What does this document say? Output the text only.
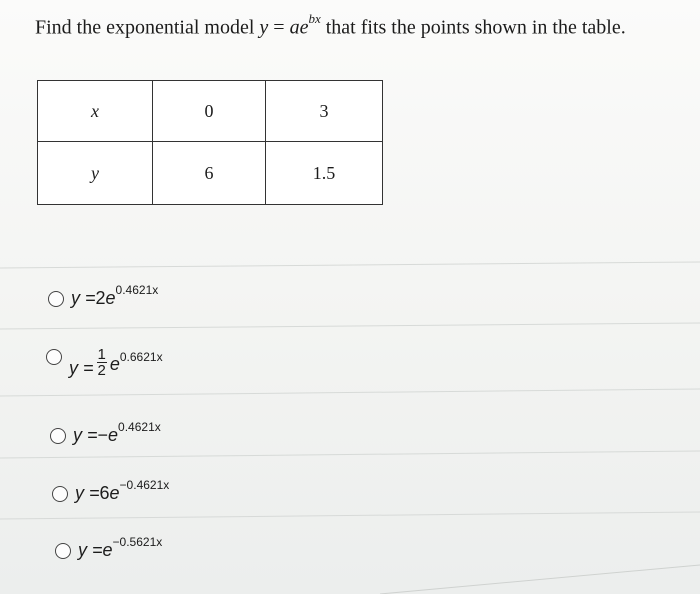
Find the exponential model $y = ae^{bx}$ that fits the points shown in the table.
x	0	3
y	6	1.5
y = 2 e 0.4621x
$y = \frac{1}{2}$ e 0.6621x
y = − e 0.4621x
y = 6 e −0.4621x
y = e −0.5621x
